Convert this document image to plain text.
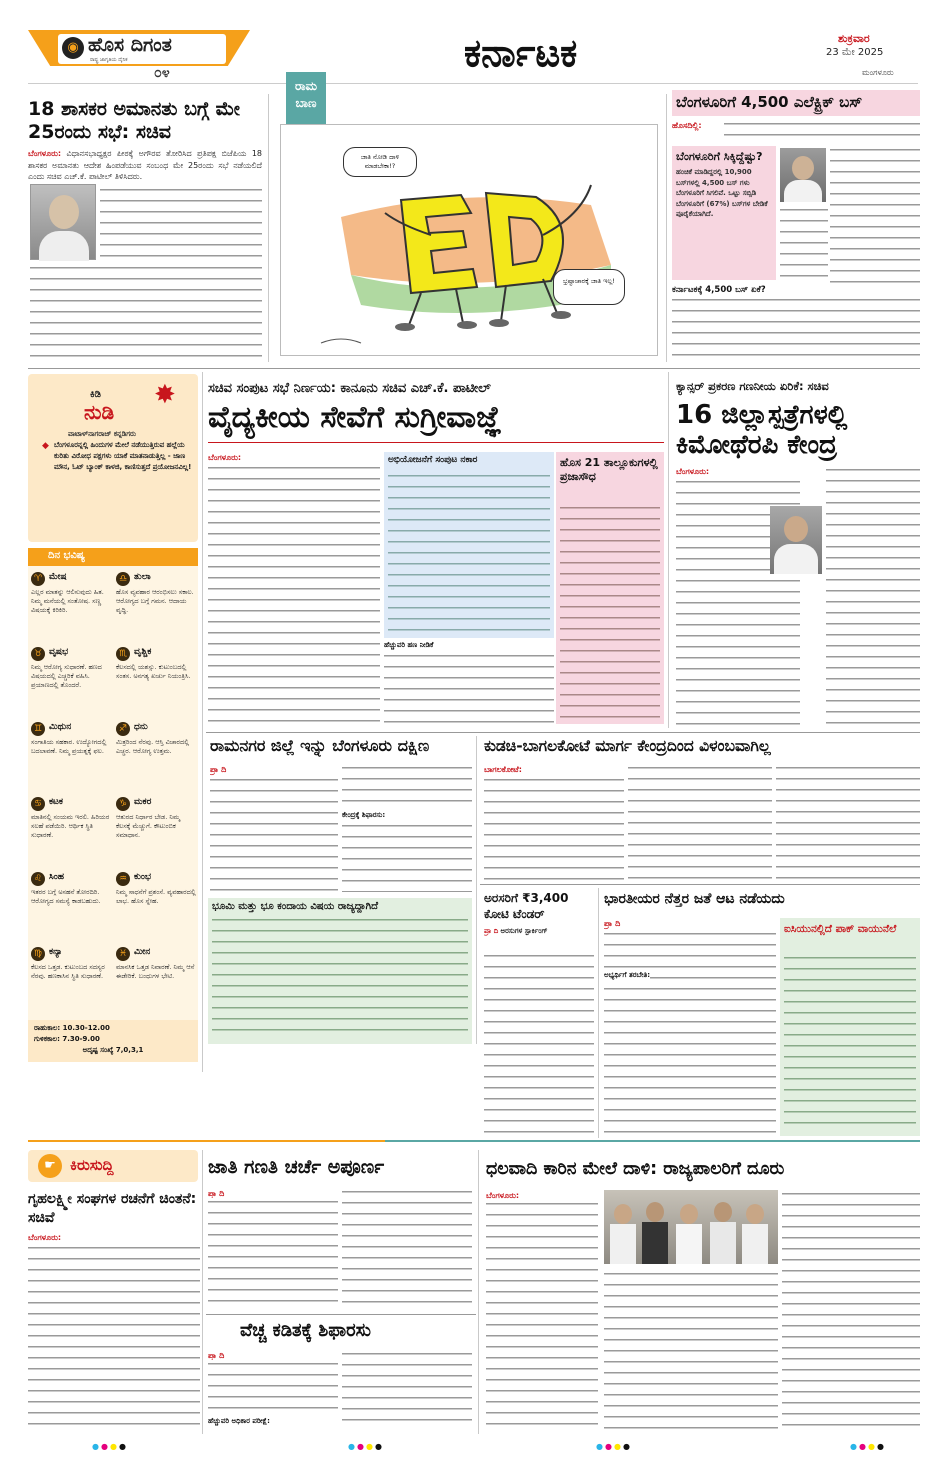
◉ ಹೊಸ ದಿಗಂತ
ರಾಷ್ಟ್ರ ಜಾಗೃತಿಯ ದೈನಿಕ
೦೪	ಕರ್ನಾಟಕ	ಶುಕ್ರವಾರ
23 ಮೇ 2025
ಮಂಗಳೂರು
18 ಶಾಸಕರ ಅಮಾನತು ಬಗ್ಗೆ ಮೇ 25ರಂದು ಸಭೆ: ಸಚಿವ

ಬೆಂಗಳೂರು: ವಿಧಾನಸಭಾಧ್ಯಕ್ಷರ ಪೀಠಕ್ಕೆ ಅಗೌರವ ತೋರಿಸಿದ ಪ್ರತಿಪಕ್ಷ ಬಿಜೆಪಿಯ 18 ಶಾಸಕರ ಅಮಾನತು ಆದೇಶ ಹಿಂಪಡೆಯುವ ಸಂಬಂಧ ಮೇ 25ರಂದು ಸಭೆ ನಡೆಯಲಿದೆ ಎಂದು ಸಚಿವ ಎಚ್.ಕೆ. ಪಾಟೀಲ್ ತಿಳಿಸಿದರು.

ರಾಮ
ಬಾಣ
ಜಾತಿ ನೋಡಿ ದಾಳಿ ಮಾಡಬೇಕಾ!?
ಭ್ರಷ್ಟಾಚಾರಕ್ಕೆ ಜಾತಿ ಇಲ್ಲ!
ಬೆಂಗಳೂರಿಗೆ 4,500 ಎಲೆಕ್ಟ್ರಿಕ್ ಬಸ್
ಹೊಸದಿಲ್ಲಿ:
ಬೆಂಗಳೂರಿಗೆ ಸಿಕ್ಕಿದ್ದೆಷ್ಟು?
ಹಂಚಿಕೆ ಮಾಡಿದ್ದರಲ್ಲಿ 10,900 ಬಸ್‌ಗಳಲ್ಲಿ 4,500 ಬಸ್ ಗಳು ಬೆಂಗಳೂರಿಗೆ ಸಿಗಲಿವೆ. ಒಟ್ಟು ಸಬ್ಸಿಡಿ ಬೆಂಗಳೂರಿಗೆ (67%) ಬಸ್‌ಗಳ ಬೇಡಿಕೆ ಪೂರೈಕೆಯಾಗಿದೆ.
ಕರ್ನಾಟಕಕ್ಕೆ 4,500 ಬಸ್ ಏಕೆ?
ಕಿಡಿ
ನುಡಿ
✸
ವಾಟಾಳ್‌ನಾಗರಾಜ್ ಕನ್ನಡಿಗರು
◆ ಬೆಂಗಳೂರನ್ನಲ್ಲಿ ಹಿಂದುಗಳ ಮೇಲೆ ನಡೆಯುತ್ತಿರುವ ಹಲ್ಲೆಯ ಕುರಿತು ವಿರೋಧ ಪಕ್ಷಗಳು ಯಾಕೆ ಮಾತನಾಡುತ್ತಿಲ್ಲ - ಜಾಣ ಮೌನ, ಓಟ್ ಬ್ಯಾಂಕ್ ಕಾಳಜಿ, ಕಾಣಿಸುತ್ತದೆ ಪ್ರಯೋಜನವಿಲ್ಲ!
ದಿನ ಭವಿಷ್ಯ
♈ ಮೇಷ
ಎಲ್ಲರ ಮಾತನ್ನು ಆಲಿಸುವುದು ಹಿತ. ನಿಮ್ಮ ಮನೆಯಲ್ಲಿ ಸಂತೋಷ. ಸಣ್ಣ ವಿಷಯಕ್ಕೆ ಕಿರಿಕಿರಿ.
♎ ತುಲಾ
ಹೊಸ ವ್ಯವಹಾರ ಆರಂಭಿಸಲು ಸಕಾಲ. ಆರೋಗ್ಯದ ಬಗ್ಗೆ ಗಮನ. ಆದಾಯ ವೃದ್ಧಿ.
♉ ವೃಷಭ
ನಿಮ್ಮ ಆರೋಗ್ಯ ಸುಧಾರಣೆ. ಹಣದ ವಿಷಯದಲ್ಲಿ ಎಚ್ಚರಿಕೆ ವಹಿಸಿ. ಪ್ರಯಾಣದಲ್ಲಿ ತೊಂದರೆ.
♏ ವೃಶ್ಚಿಕ
ಕೆಲಸದಲ್ಲಿ ಯಶಸ್ಸು. ಕುಟುಂಬದಲ್ಲಿ ಸಂತಸ. ಅನಗತ್ಯ ಖರ್ಚು ನಿಯಂತ್ರಿಸಿ.
♊ ಮಿಥುನ
ಸಂಗಾತಿಯ ಸಹಕಾರ. ಉದ್ಯೋಗದಲ್ಲಿ ಬದಲಾವಣೆ. ನಿಮ್ಮ ಪ್ರಯತ್ನಕ್ಕೆ ಫಲ.
♐ ಧನು
ಮಿತ್ರರಿಂದ ನೆರವು. ಆಸ್ತಿ ವಿಚಾರದಲ್ಲಿ ಎಚ್ಚರ. ಆರೋಗ್ಯ ಉತ್ತಮ.
♋ ಕಟಕ
ಮಾತಿನಲ್ಲಿ ಸಂಯಮ ಇರಲಿ. ಹಿರಿಯರ ಸಲಹೆ ಪಡೆಯಿರಿ. ಆರ್ಥಿಕ ಸ್ಥಿತಿ ಸುಧಾರಣೆ.
♑ ಮಕರ
ಆತುರದ ನಿರ್ಧಾರ ಬೇಡ. ನಿಮ್ಮ ಕೆಲಸಕ್ಕೆ ಮೆಚ್ಚುಗೆ. ಕೌಟುಂಬಿಕ ಸಮಾಧಾನ.
♌ ಸಿಂಹ
ಇತರರ ಬಗ್ಗೆ ಅಸಹನೆ ತೋರದಿರಿ. ಆರೋಗ್ಯದ ಸಮಸ್ಯೆ ಕಾಡಬಹುದು.
♒ ಕುಂಭ
ನಿಮ್ಮ ಸಾಧನೆಗೆ ಪ್ರಶಂಸೆ. ವ್ಯವಹಾರದಲ್ಲಿ ಲಾಭ. ಹೊಸ ಸ್ನೇಹ.
♍ ಕನ್ಯಾ
ಕೆಲಸದ ಒತ್ತಡ. ಕುಟುಂಬದ ಸದಸ್ಯರ ನೆರವು. ಹಣಕಾಸಿನ ಸ್ಥಿತಿ ಸುಧಾರಣೆ.
♓ ಮೀನ
ಮಾನಸಿಕ ಒತ್ತಡ ನಿವಾರಣೆ. ನಿಮ್ಮ ಆಸೆ ಈಡೇರಿಕೆ. ಬಂಧುಗಳ ಭೇಟಿ.
ರಾಹುಕಾಲ: 10.30-12.00
ಗುಳಿಕಕಾಲ: 7.30-9.00
ಅದೃಷ್ಟ ಸಂಖ್ಯೆ 7,0,3,1
ಸಚಿವ ಸಂಪುಟ ಸಭೆ ನಿರ್ಣಯ: ಕಾನೂನು ಸಚಿವ ಎಚ್.ಕೆ. ಪಾಟೀಲ್
ವೈದ್ಯಕೀಯ ಸೇವೆಗೆ ಸುಗ್ರೀವಾಜ್ಞೆ
ಬೆಂಗಳೂರು:	ಅಭಿಯೋಜನೆಗೆ ಸಂಪುಟ ನಕಾರ	ಹೊಸ 21 ತಾಲ್ಲೂಕುಗಳಲ್ಲಿ ಪ್ರಜಾಸೌಧ
ಹೆಚ್ಚುವರಿ ಹಣ ನೀಡಿಕೆ
ಕ್ಯಾನ್ಸರ್ ಪ್ರಕರಣ ಗಣನೀಯ ಏರಿಕೆ: ಸಚಿವ
16 ಜಿಲ್ಲಾಸ್ಪತ್ರೆಗಳಲ್ಲಿ ಕಿಮೋಥೆರಪಿ ಕೇಂದ್ರ
ಬೆಂಗಳೂರು:
ರಾಮನಗರ ಜಿಲ್ಲೆ ಇನ್ನು ಬೆಂಗಳೂರು ದಕ್ಷಿಣ
ಪ್ರಾ ದಿ
ಕೇಂದ್ರಕ್ಕೆ ಶಿಫಾರಸು:
ಭೂಮಿ ಮತ್ತು ಭೂ ಕಂದಾಯ ವಿಷಯ ರಾಜ್ಯದ್ದಾಗಿದೆ
ಕುಡಚಿ-ಬಾಗಲಕೋಟೆ ಮಾರ್ಗ ಕೇಂದ್ರದಿಂದ ವಿಳಂಬವಾಗಿಲ್ಲ
ಬಾಗಲಕೋಟೆ:
ಅರಸರಿಗೆ ₹3,400 ಕೋಟಿ ಟೆಂಡರ್
ಪ್ರಾ ದಿ ಅರಸುಗಳ ಸ್ಪಾರ್ಕಿಂಗ್
ಭಾರತೀಯರ ನೆತ್ತರ ಜತೆ ಆಟ ನಡೆಯದು
ಪ್ರಾ ದಿ
ಅಭ್ಯರ್ಥಿಗೆ ತರಬೇತಿ:
ಐಸಿಯುನಲ್ಲಿದೆ ಪಾಕ್ ವಾಯುನೆಲೆ
☛ ಕಿರುಸುದ್ದಿ
ಗೃಹಲಕ್ಷ್ಮೀ ಸಂಘಗಳ ರಚನೆಗೆ ಚಿಂತನೆ: ಸಚಿವೆ
ಬೆಂಗಳೂರು:
ಜಾತಿ ಗಣತಿ ಚರ್ಚೆ ಅಪೂರ್ಣ
ಪ್ರಾ ದಿ
ವೆಚ್ಚ ಕಡಿತಕ್ಕೆ ಶಿಫಾರಸು
ಪ್ರಾ ದಿ
ಹೆಚ್ಚುವರಿ ಅಧಿಕಾರ ಪರೀಕ್ಷೆ:
ಧಲವಾದಿ ಕಾರಿನ ಮೇಲೆ ದಾಳಿ: ರಾಜ್ಯಪಾಲರಿಗೆ ದೂರು
ಬೆಂಗಳೂರು:
●●●●	●●●●	●●●●	●●●●
